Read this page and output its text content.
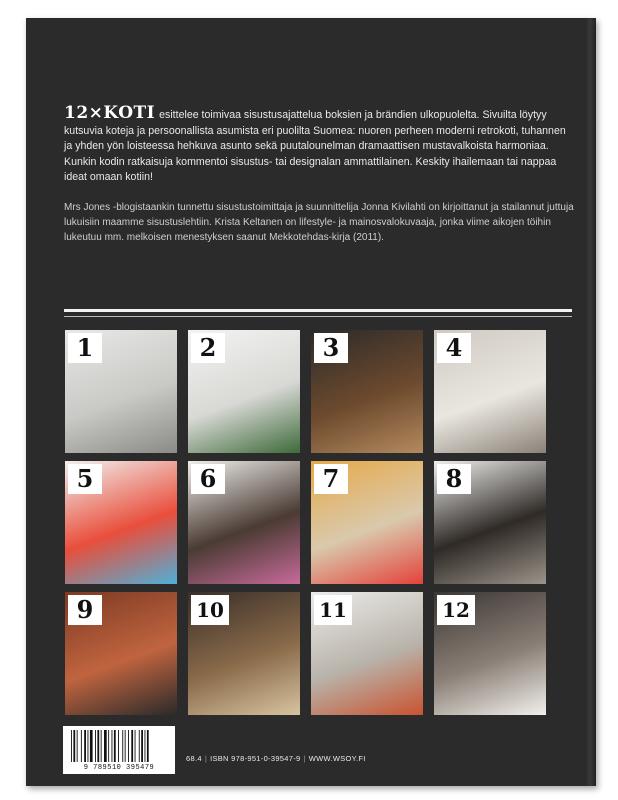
12×KOTI esittelee toimivaa sisustusajattelua boksien ja brändien ulkopuolelta. Sivuilta löytyy kutsuvia koteja ja persoonallista asumista eri puolilta Suomea: nuoren perheen moderni retrokoti, tuhannen ja yhden yön loisteessa hehkuva asunto sekä puutalounelman dramaattisen mustavalkoista harmoniaa. Kunkin kodin ratkaisuja kommentoi sisustus- tai designalan ammattilainen. Keskity ihailemaan tai nappaa ideat omaan kotiin!
Mrs Jones -blogistaankin tunnettu sisustustoimittaja ja suunnittelija Jonna Kivilahti on kirjoittanut ja stailannut juttuja lukuisiin maamme sisustuslehtiin. Krista Keltanen on lifestyle- ja mainosvalokuvaaja, jonka viime aikojen töihin lukeutuu mm. melkoisen menestyksen saanut Mekkotehdas-kirja (2011).
1	2	3	4
5	6	7	8
9	10	11	12
9 789510 395479
68.4 | ISBN 978-951-0-39547-9 | WWW.WSOY.FI
